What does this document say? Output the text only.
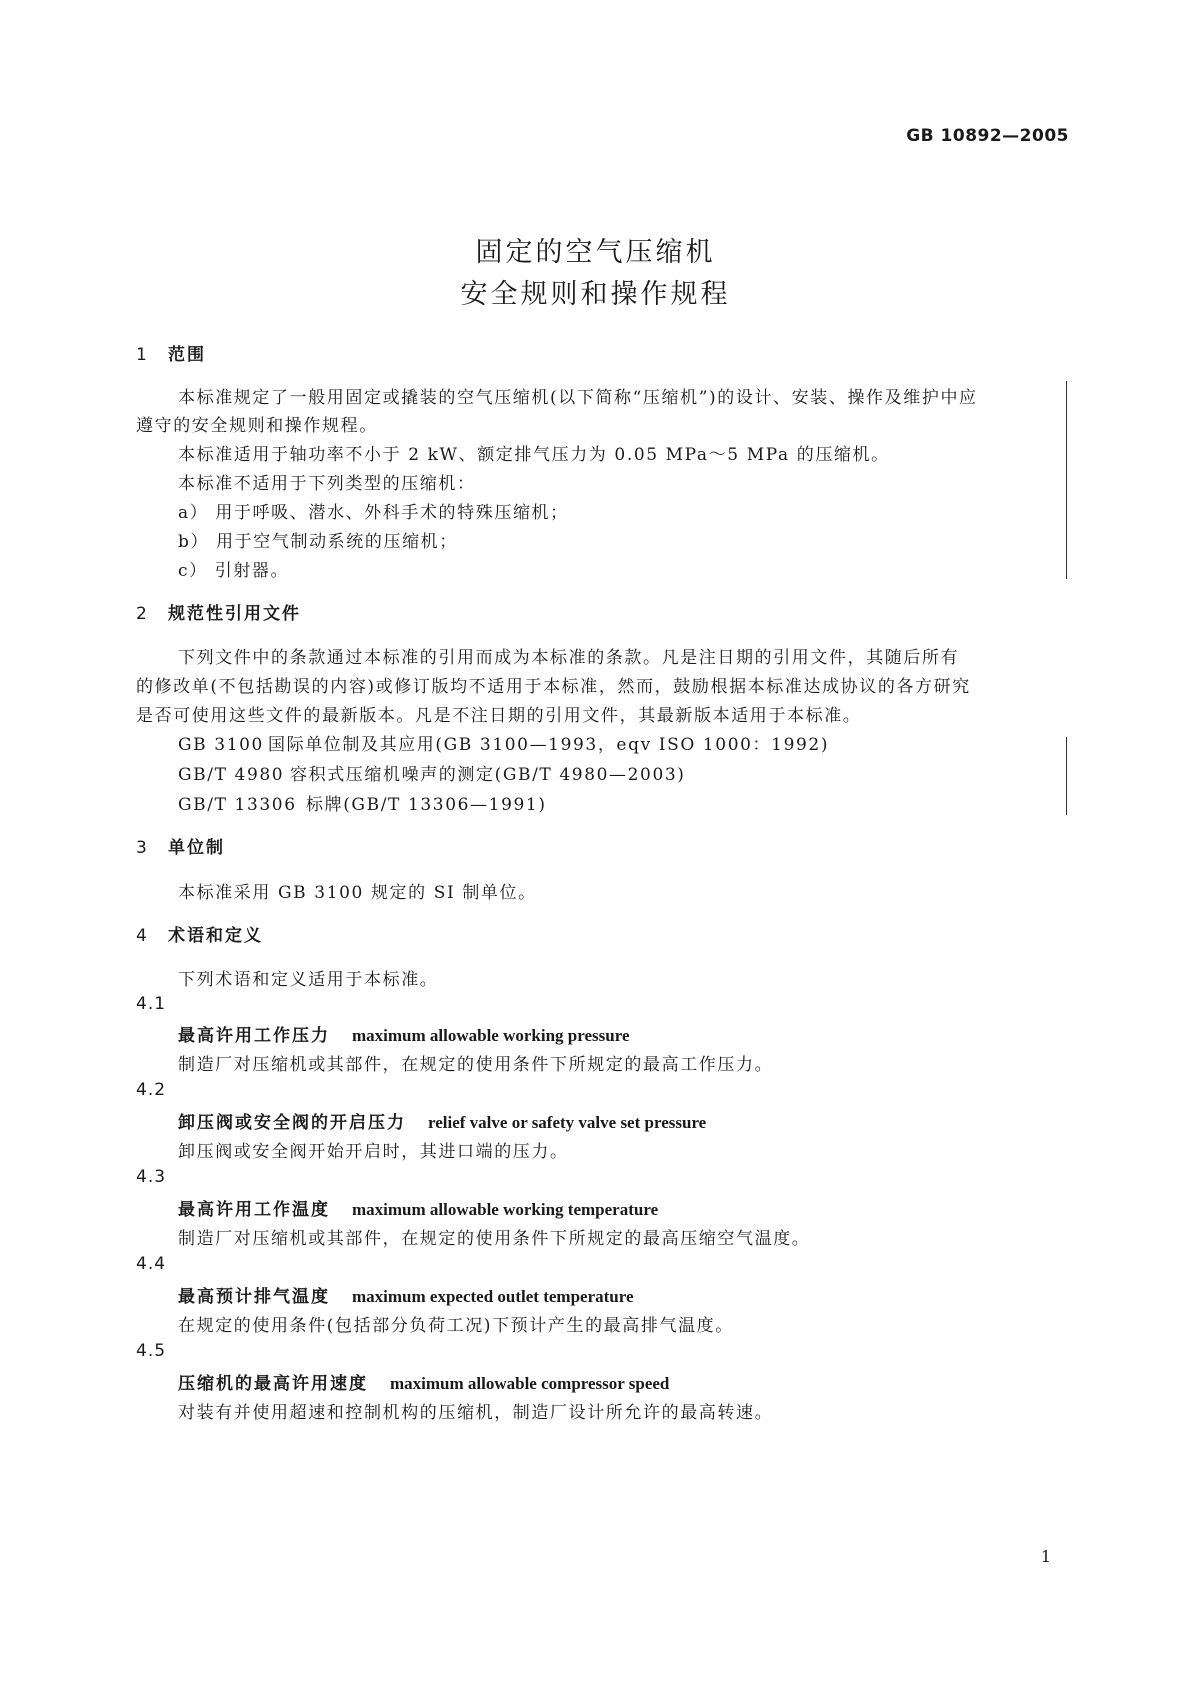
GB 10892—2005
固定的空气压缩机
安全规则和操作规程
1 范围
本标准规定了一般用固定或撬装的空气压缩机(以下简称“压缩机”)的设计、安装、操作及维护中应
遵守的安全规则和操作规程。
本标准适用于轴功率不小于 2 kW、额定排气压力为 0.05 MPa～5 MPa 的压缩机。
本标准不适用于下列类型的压缩机：
a） 用于呼吸、潜水、外科手术的特殊压缩机；
b） 用于空气制动系统的压缩机；
c） 引射器。
2 规范性引用文件
下列文件中的条款通过本标准的引用而成为本标准的条款。凡是注日期的引用文件，其随后所有
的修改单(不包括勘误的内容)或修订版均不适用于本标准，然而，鼓励根据本标准达成协议的各方研究
是否可使用这些文件的最新版本。凡是不注日期的引用文件，其最新版本适用于本标准。
GB 3100 国际单位制及其应用(GB 3100—1993，eqv ISO 1000：1992)
GB/T 4980 容积式压缩机噪声的测定(GB/T 4980—2003)
GB/T 13306 标牌(GB/T 13306—1991)
3 单位制
本标准采用 GB 3100 规定的 SI 制单位。
4 术语和定义
下列术语和定义适用于本标准。
4.1
最高许用工作压力 maximum allowable working pressure
制造厂对压缩机或其部件，在规定的使用条件下所规定的最高工作压力。
4.2
卸压阀或安全阀的开启压力 relief valve or safety valve set pressure
卸压阀或安全阀开始开启时，其进口端的压力。
4.3
最高许用工作温度 maximum allowable working temperature
制造厂对压缩机或其部件，在规定的使用条件下所规定的最高压缩空气温度。
4.4
最高预计排气温度 maximum expected outlet temperature
在规定的使用条件(包括部分负荷工况)下预计产生的最高排气温度。
4.5
压缩机的最高许用速度 maximum allowable compressor speed
对装有并使用超速和控制机构的压缩机，制造厂设计所允许的最高转速。
1
